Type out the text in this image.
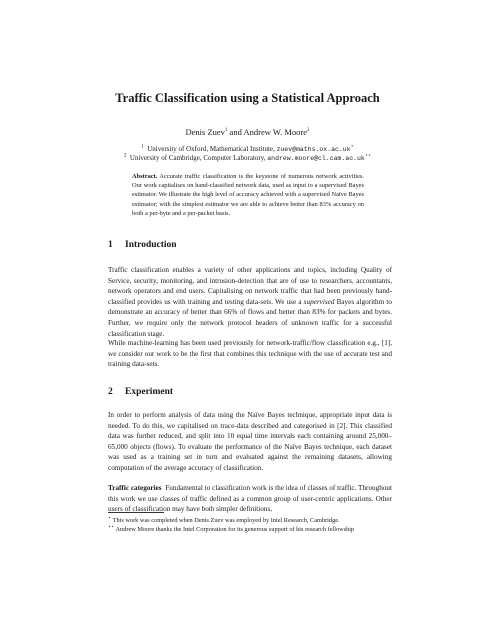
Traffic Classification using a Statistical Approach
Denis Zuev$^1$ and Andrew W. Moore$^2$
$^1$ University of Oxford, Mathematical Institute, zuev@maths.ox.ac.uk⋆
$^2$ University of Cambridge, Computer Laboratory, andrew.moore@cl.cam.ac.uk⋆⋆
Abstract. Accurate traffic classification is the keystone of numerous network activities. Our work capitalises on hand-classified network data, used as input to a supervised Bayes estimator. We illustrate the high level of accuracy achieved with a supervised Naïve Bayes estimator; with the simplest estimator we are able to achieve better than 83% accuracy on both a per-byte and a per-packet basis.
1 Introduction
Traffic classification enables a variety of other applications and topics, including Quality of Service, security, monitoring, and intrusion-detection that are of use to researchers, accountants, network operators and end users. Capitalising on network traffic that had been previously hand-classified provides us with training and testing data-sets. We use a supervised Bayes algorithm to demonstrate an accuracy of better than 66% of flows and better than 83% for packets and bytes. Further, we require only the network protocol headers of unknown traffic for a successful classification stage.
While machine-learning has been used previously for network-traffic/flow classification e.g., [1], we consider our work to be the first that combines this technique with the use of accurate test and training data-sets.
2 Experiment
In order to perform analysis of data using the Naïve Bayes technique, appropriate input data is needed. To do this, we capitalised on trace-data described and categorised in [2]. This classified data was further reduced, and split into 10 equal time intervals each containing around 25,000–65,000 objects (flows). To evaluate the performance of the Naïve Bayes technique, each dataset was used as a training set in turn and evaluated against the remaining datasets, allowing computation of the average accuracy of classification.
Traffic categories Fundamental to classification work is the idea of classes of traffic. Throughout this work we use classes of traffic defined as a common group of user-centric applications. Other users of classification may have both simpler definitions,
⋆ This work was completed when Denis Zuev was employed by Intel Research, Cambridge.
⋆⋆ Andrew Moore thanks the Intel Corporation for its generous support of his research fellowship
